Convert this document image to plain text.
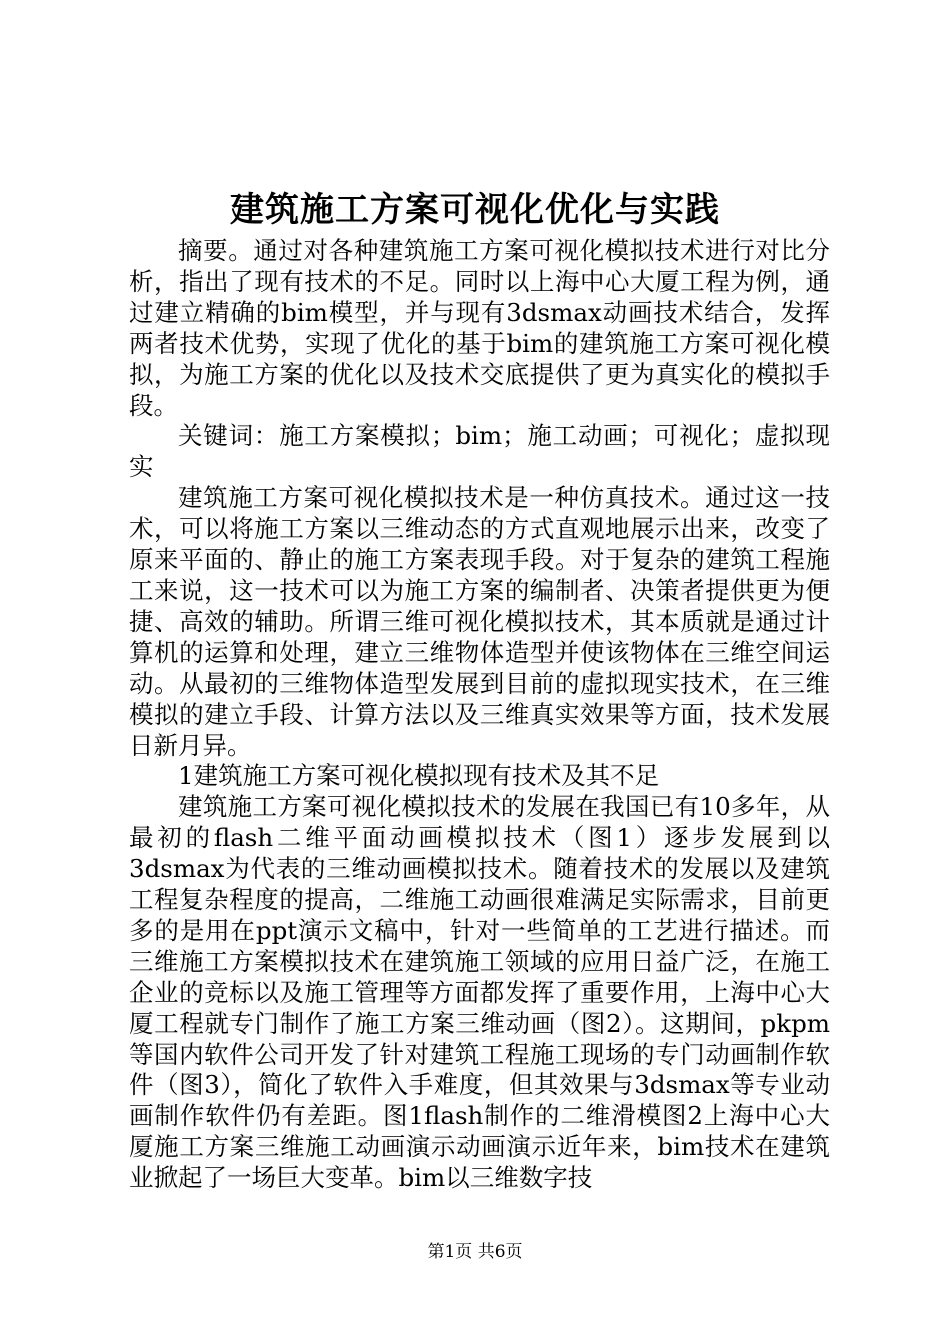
建筑施工方案可视化优化与实践

摘要。通过对各种建筑施工方案可视化模拟技术进行对比分析，指出了现有技术的不足。同时以上海中心大厦工程为例，通过建立精确的bim模型，并与现有3dsmax动画技术结合，发挥两者技术优势，实现了优化的基于bim的建筑施工方案可视化模拟，为施工方案的优化以及技术交底提供了更为真实化的模拟手段。

关键词：施工方案模拟；bim；施工动画；可视化；虚拟现实

建筑施工方案可视化模拟技术是一种仿真技术。通过这一技术，可以将施工方案以三维动态的方式直观地展示出来，改变了原来平面的、静止的施工方案表现手段。对于复杂的建筑工程施工来说，这一技术可以为施工方案的编制者、决策者提供更为便捷、高效的辅助。所谓三维可视化模拟技术，其本质就是通过计算机的运算和处理，建立三维物体造型并使该物体在三维空间运动。从最初的三维物体造型发展到目前的虚拟现实技术，在三维模拟的建立手段、计算方法以及三维真实效果等方面，技术发展日新月异。

1建筑施工方案可视化模拟现有技术及其不足

建筑施工方案可视化模拟技术的发展在我国已有10多年，从最初的flash二维平面动画模拟技术（图1）逐步发展到以3dsmax为代表的三维动画模拟技术。随着技术的发展以及建筑工程复杂程度的提高，二维施工动画很难满足实际需求，目前更多的是用在ppt演示文稿中，针对一些简单的工艺进行描述。而三维施工方案模拟技术在建筑施工领域的应用日益广泛，在施工企业的竞标以及施工管理等方面都发挥了重要作用，上海中心大厦工程就专门制作了施工方案三维动画（图2）。这期间，pkpm等国内软件公司开发了针对建筑工程施工现场的专门动画制作软件（图3），简化了软件入手难度，但其效果与3dsmax等专业动画制作软件仍有差距。图1flash制作的二维滑模图2上海中心大厦施工方案三维施工动画演示动画演示近年来，bim技术在建筑业掀起了一场巨大变革。bim以三维数字技

第1页 共6页
